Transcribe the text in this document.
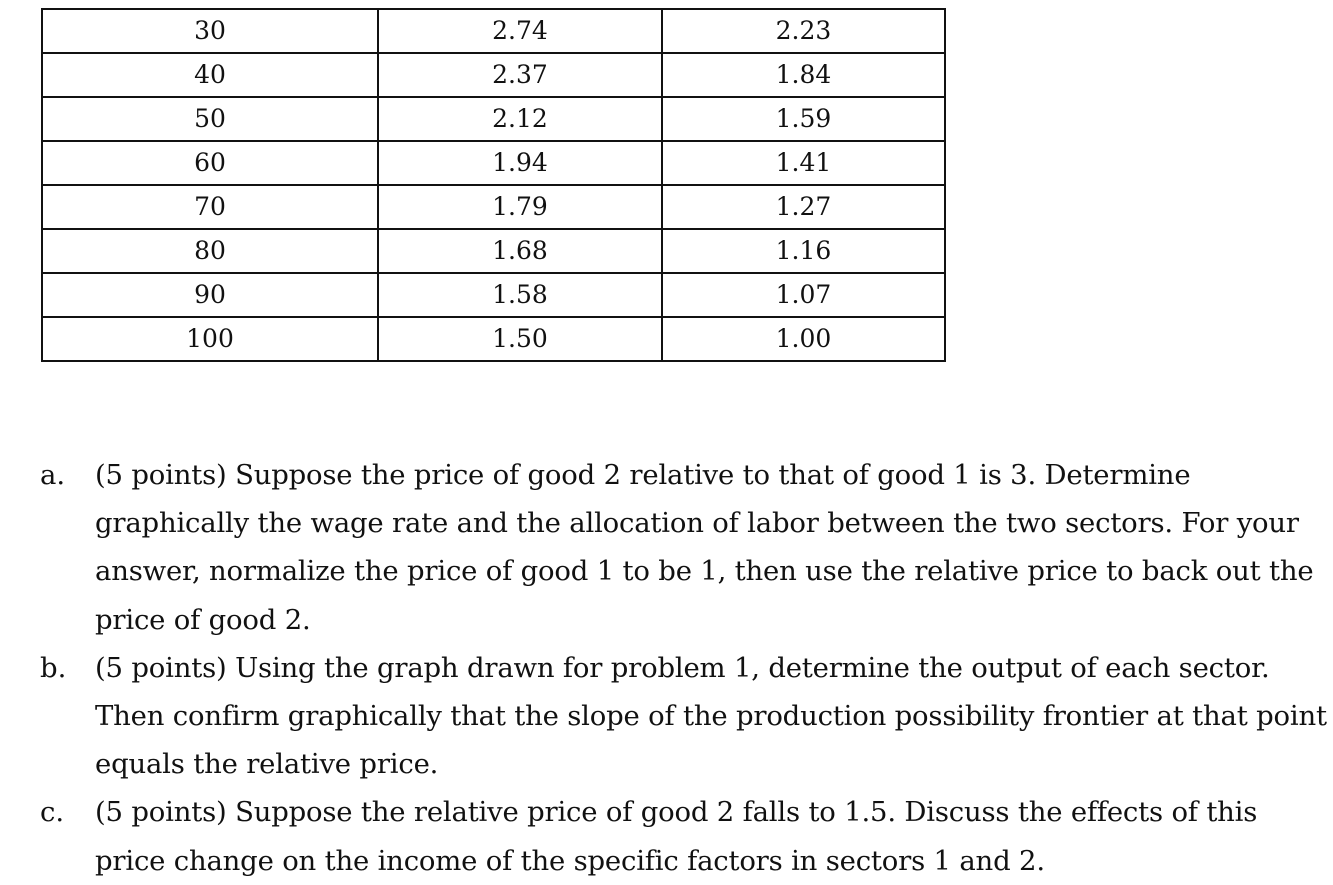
30	2.74	2.23
40	2.37	1.84
50	2.12	1.59
60	1.94	1.41
70	1.79	1.27
80	1.68	1.16
90	1.58	1.07
100	1.50	1.00
a. (5 points) Suppose the price of good 2 relative to that of good 1 is 3. Determine graphically the wage rate and the allocation of labor between the two sectors. For your answer, normalize the price of good 1 to be 1, then use the relative price to back out the price of good 2.

b. (5 points) Using the graph drawn for problem 1, determine the output of each sector. Then confirm graphically that the slope of the production possibility frontier at that point equals the relative price.

c. (5 points) Suppose the relative price of good 2 falls to 1.5. Discuss the effects of this price change on the income of the specific factors in sectors 1 and 2.
